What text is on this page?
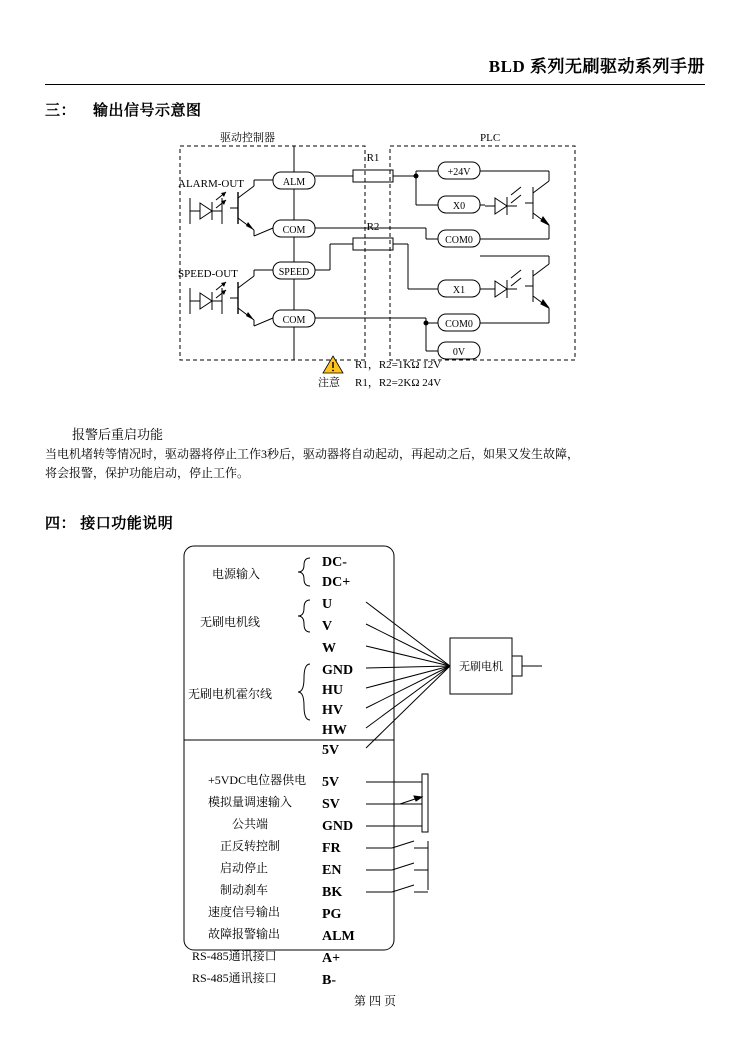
BLD 系列无刷驱动系列手册
三： 输出信号示意图
驱动控制器	PLC
ALARM-OUT
SPEED-OUT
ALM
COM
SPEED
COM
+24V
X0
COM0
X1
COM0
0V
R1
R2
注意
R1，R2=1KΩ 12V
R1，R2=2KΩ 24V
报警后重启功能
当电机堵转等情况时，驱动器将停止工作3秒后，驱动器将自动起动，再起动之后，如果又发生故障，
将会报警，保护功能启动，停止工作。
四： 接口功能说明
电源输入
DC-
DC+
无刷电机线
U
V
W
无刷电机霍尔线
GND
HU
HV
HW
5V
+5VDC电位器供电 5V
模拟量调速输入 SV
公共端	GND
正反转控制	FR
启动停止	EN
制动刹车	BK
速度信号输出	PG
故障报警输出	ALM
RS-485通讯接口	A+
RS-485通讯接口	B-
无刷电机
第 四 页
